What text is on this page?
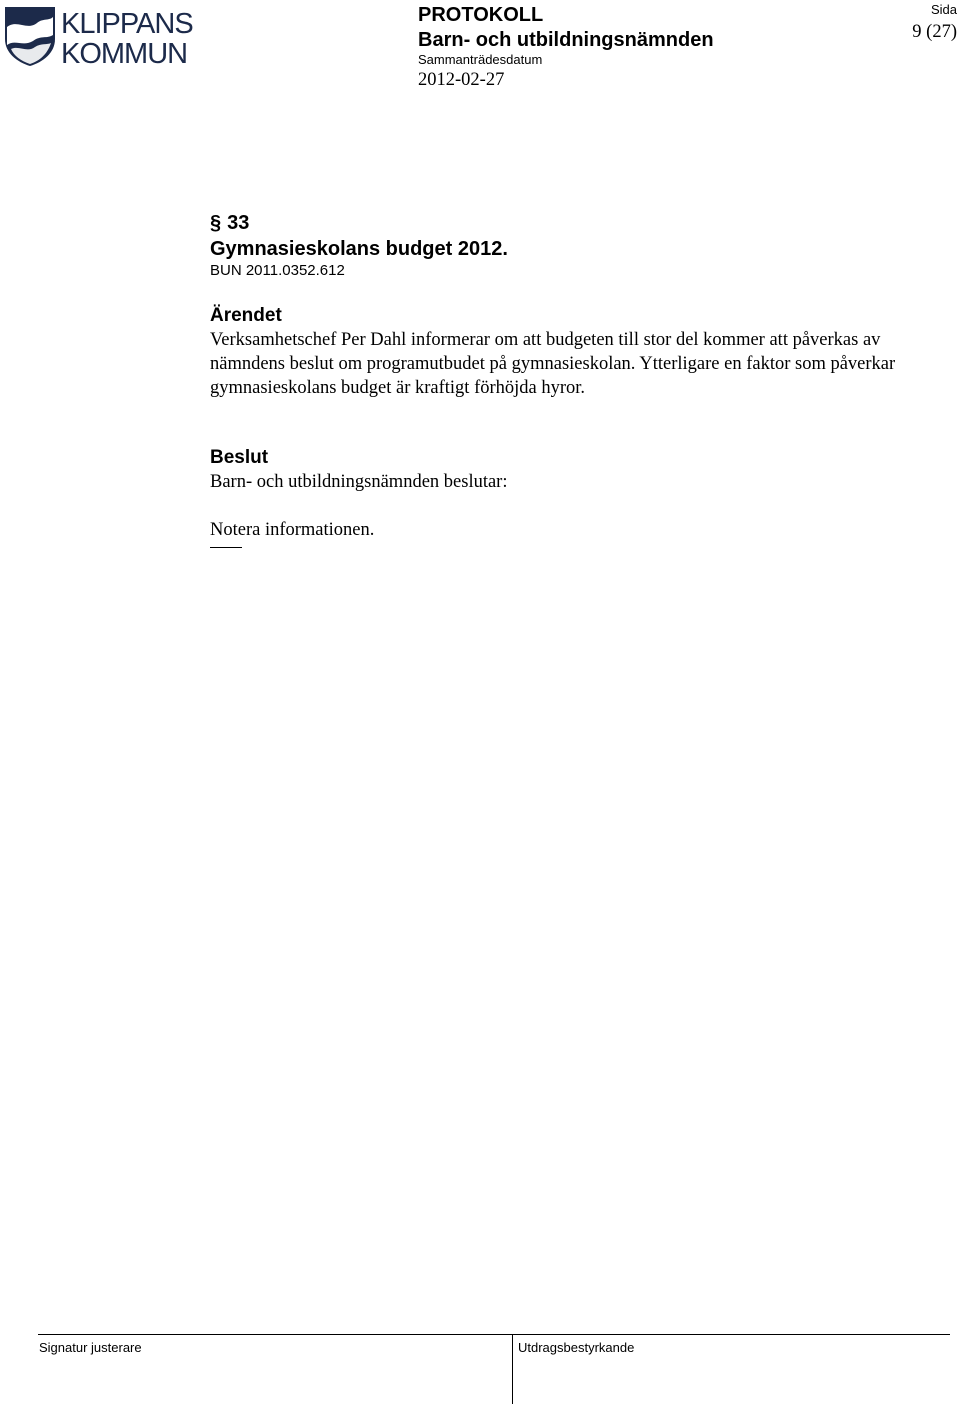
KLIPPANS
KOMMUN
PROTOKOLL
Barn- och utbildningsnämnden
Sammanträdesdatum
2012-02-27
Sida
9 (27)
§ 33
Gymnasieskolans budget 2012.
BUN 2011.0352.612
Ärendet
Verksamhetschef Per Dahl informerar om att budgeten till stor del kommer att påverkas av nämndens beslut om programutbudet på gymnasieskolan. Ytterligare en faktor som påverkar gymnasieskolans budget är kraftigt förhöjda hyror.
Beslut
Barn- och utbildningsnämnden beslutar:
Notera informationen.
Signatur justerare	Utdragsbestyrkande
